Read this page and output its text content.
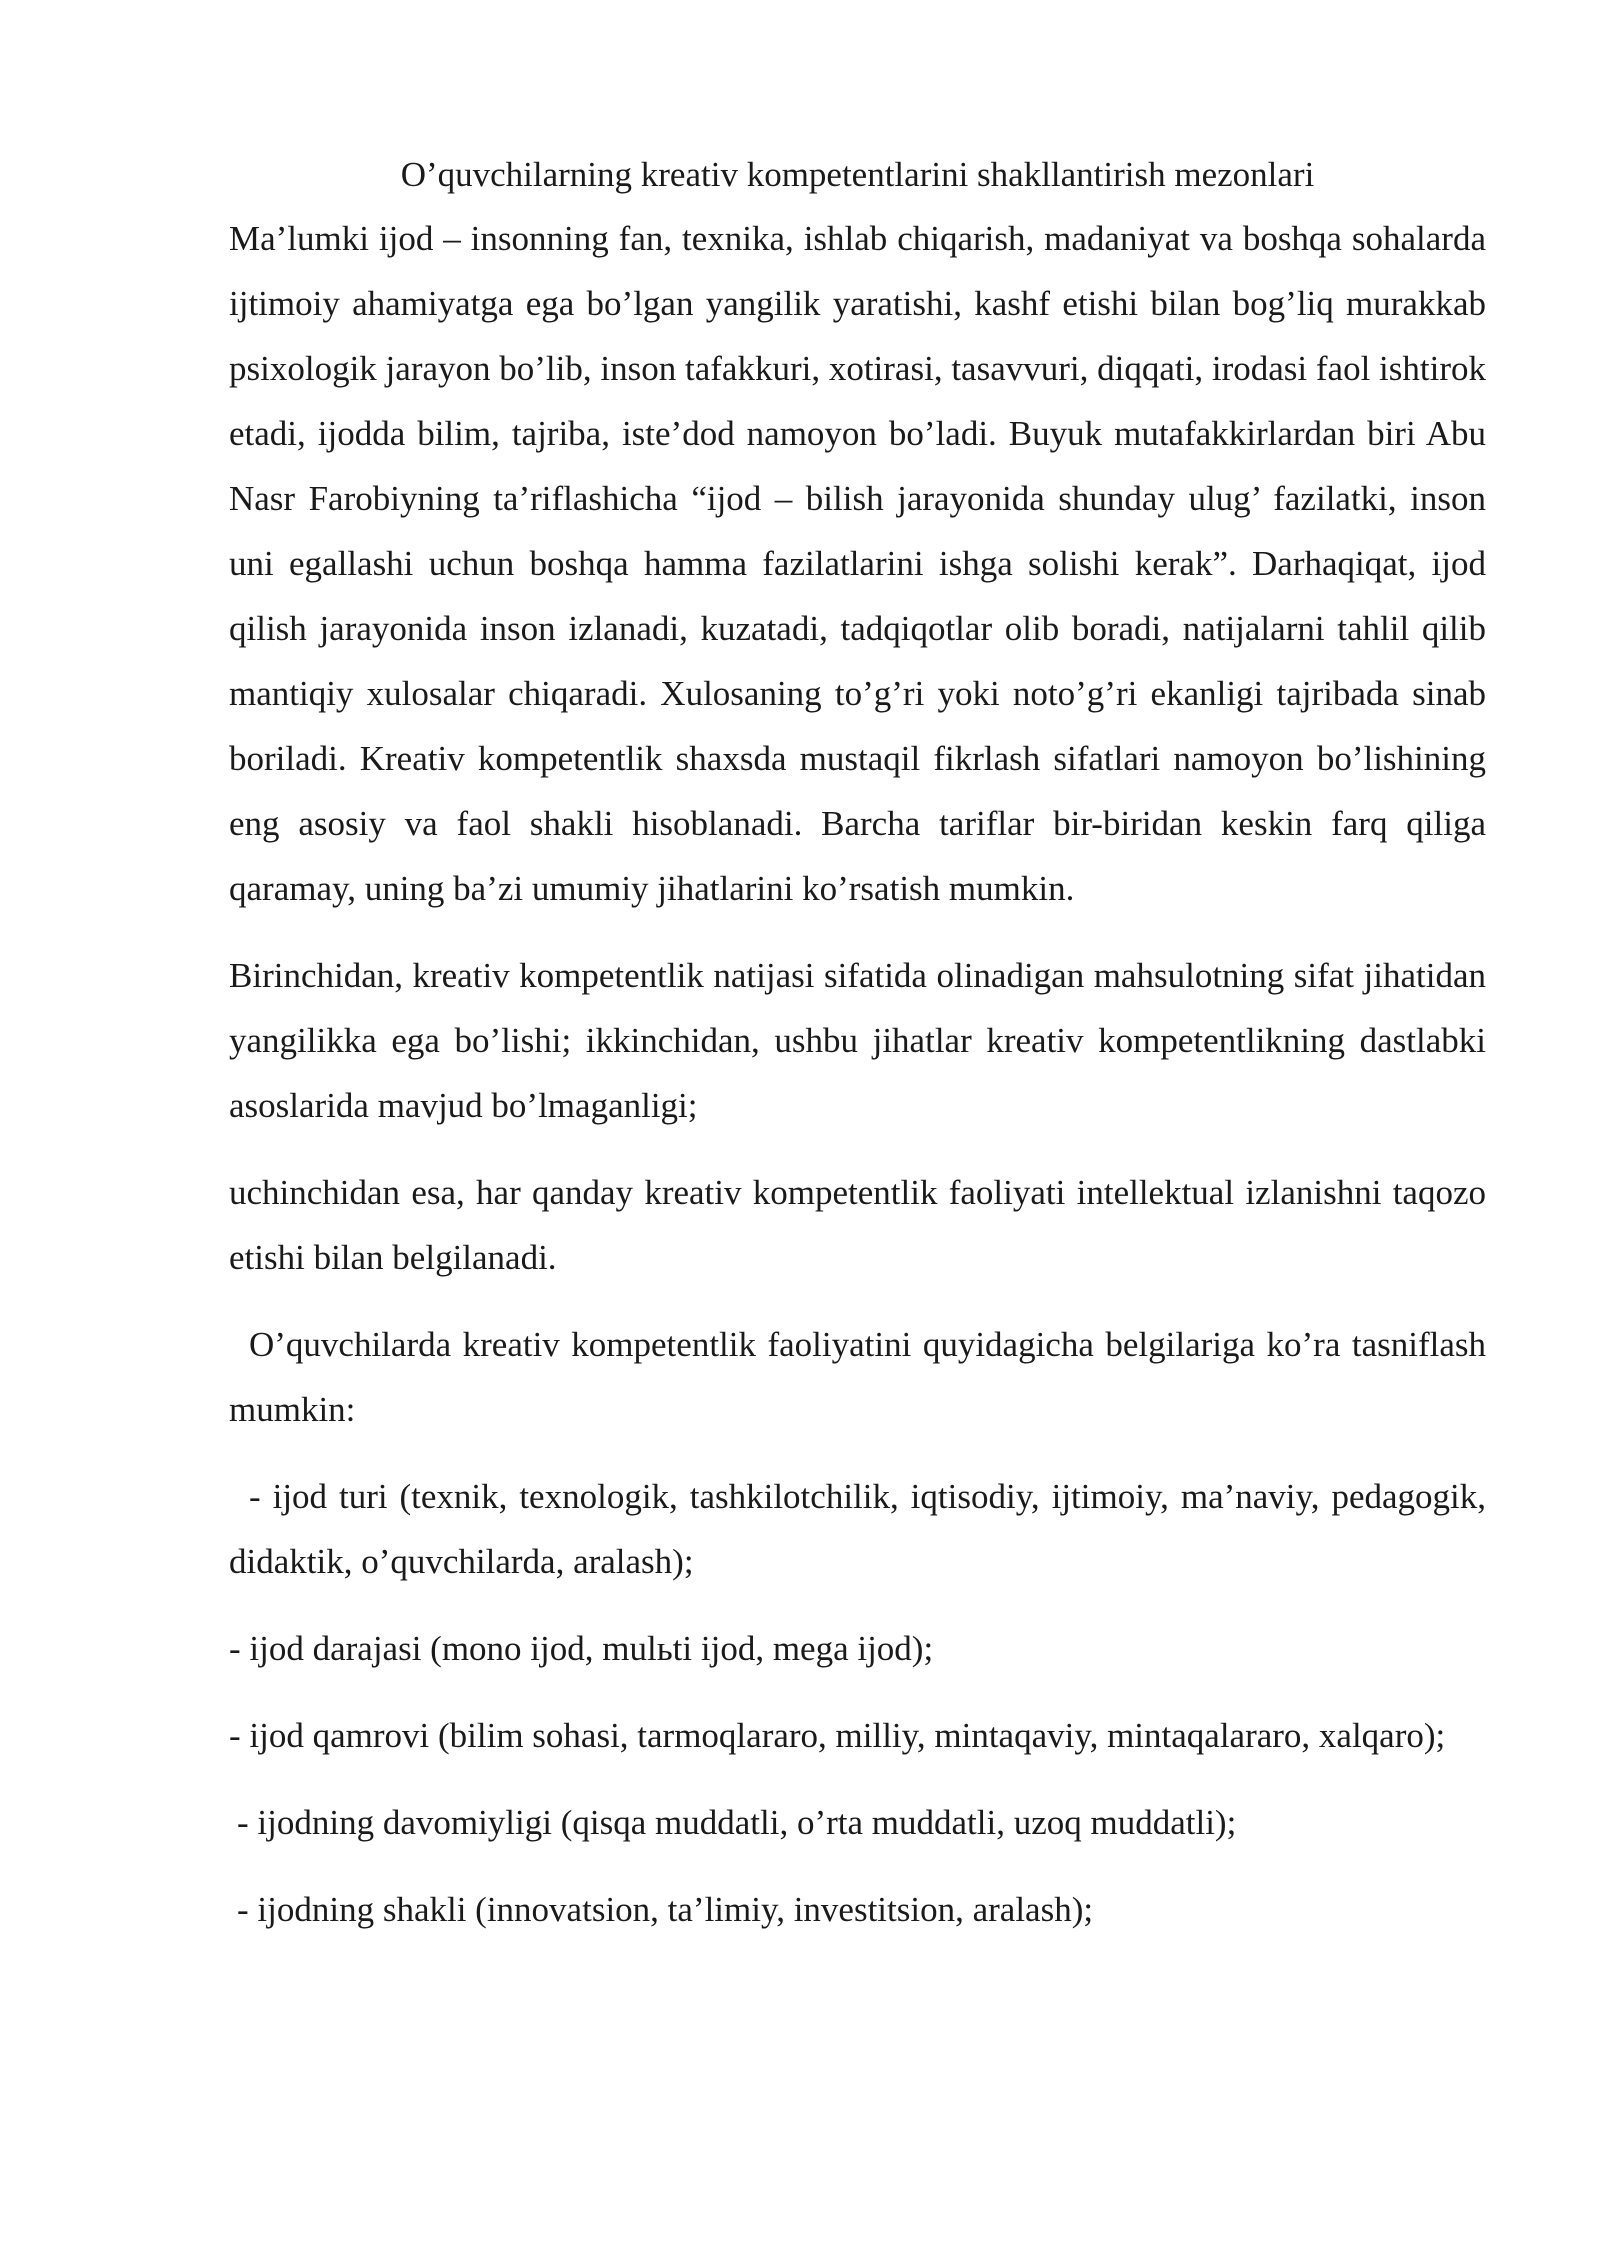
O’quvchilarning kreativ kompetentlarini shakllantirish mezonlari

Ma’lumki ijod – insonning fan, texnika, ishlab chiqarish, madaniyat va boshqa sohalarda ijtimoiy ahamiyatga ega bo’lgan yangilik yaratishi, kashf etishi bilan bog’liq murakkab psixologik jarayon bo’lib, inson tafakkuri, xotirasi, tasavvuri, diqqati, irodasi faol ishtirok etadi, ijodda bilim, tajriba, iste’dod namoyon bo’ladi. Buyuk mutafakkirlardan biri Abu Nasr Farobiyning ta’riflashicha “ijod – bilish jarayonida shunday ulug’ fazilatki, inson uni egallashi uchun boshqa hamma fazilatlarini ishga solishi kerak”. Darhaqiqat, ijod qilish jarayonida inson izlanadi, kuzatadi, tadqiqotlar olib boradi, natijalarni tahlil qilib mantiqiy xulosalar chiqaradi. Xulosaning to’g’ri yoki noto’g’ri ekanligi tajribada sinab boriladi. Kreativ kompetentlik shaxsda mustaqil fikrlash sifatlari namoyon bo’lishining eng asosiy va faol shakli hisoblanadi. Barcha tariflar bir-biridan keskin farq qiliga qaramay, uning ba’zi umumiy jihatlarini ko’rsatish mumkin.

Birinchidan, kreativ kompetentlik natijasi sifatida olinadigan mahsulotning sifat jihatidan yangilikka ega bo’lishi; ikkinchidan, ushbu jihatlar kreativ kompetentlikning dastlabki asoslarida mavjud bo’lmaganligi;

uchinchidan esa, har qanday kreativ kompetentlik faoliyati intellektual izlanishni taqozo etishi bilan belgilanadi.

O’quvchilarda kreativ kompetentlik faoliyatini quyidagicha belgilariga ko’ra tasniflash mumkin:

- ijod turi (texnik, texnologik, tashkilotchilik, iqtisodiy, ijtimoiy, ma’naviy, pedagogik, didaktik, o’quvchilarda, aralash);

- ijod darajasi (mono ijod, mulьti ijod, mega ijod);

- ijod qamrovi (bilim sohasi, tarmoqlararo, milliy, mintaqaviy, mintaqalararo, xalqaro);

- ijodning davomiyligi (qisqa muddatli, o’rta muddatli, uzoq muddatli);

- ijodning shakli (innovatsion, ta’limiy, investitsion, aralash);
